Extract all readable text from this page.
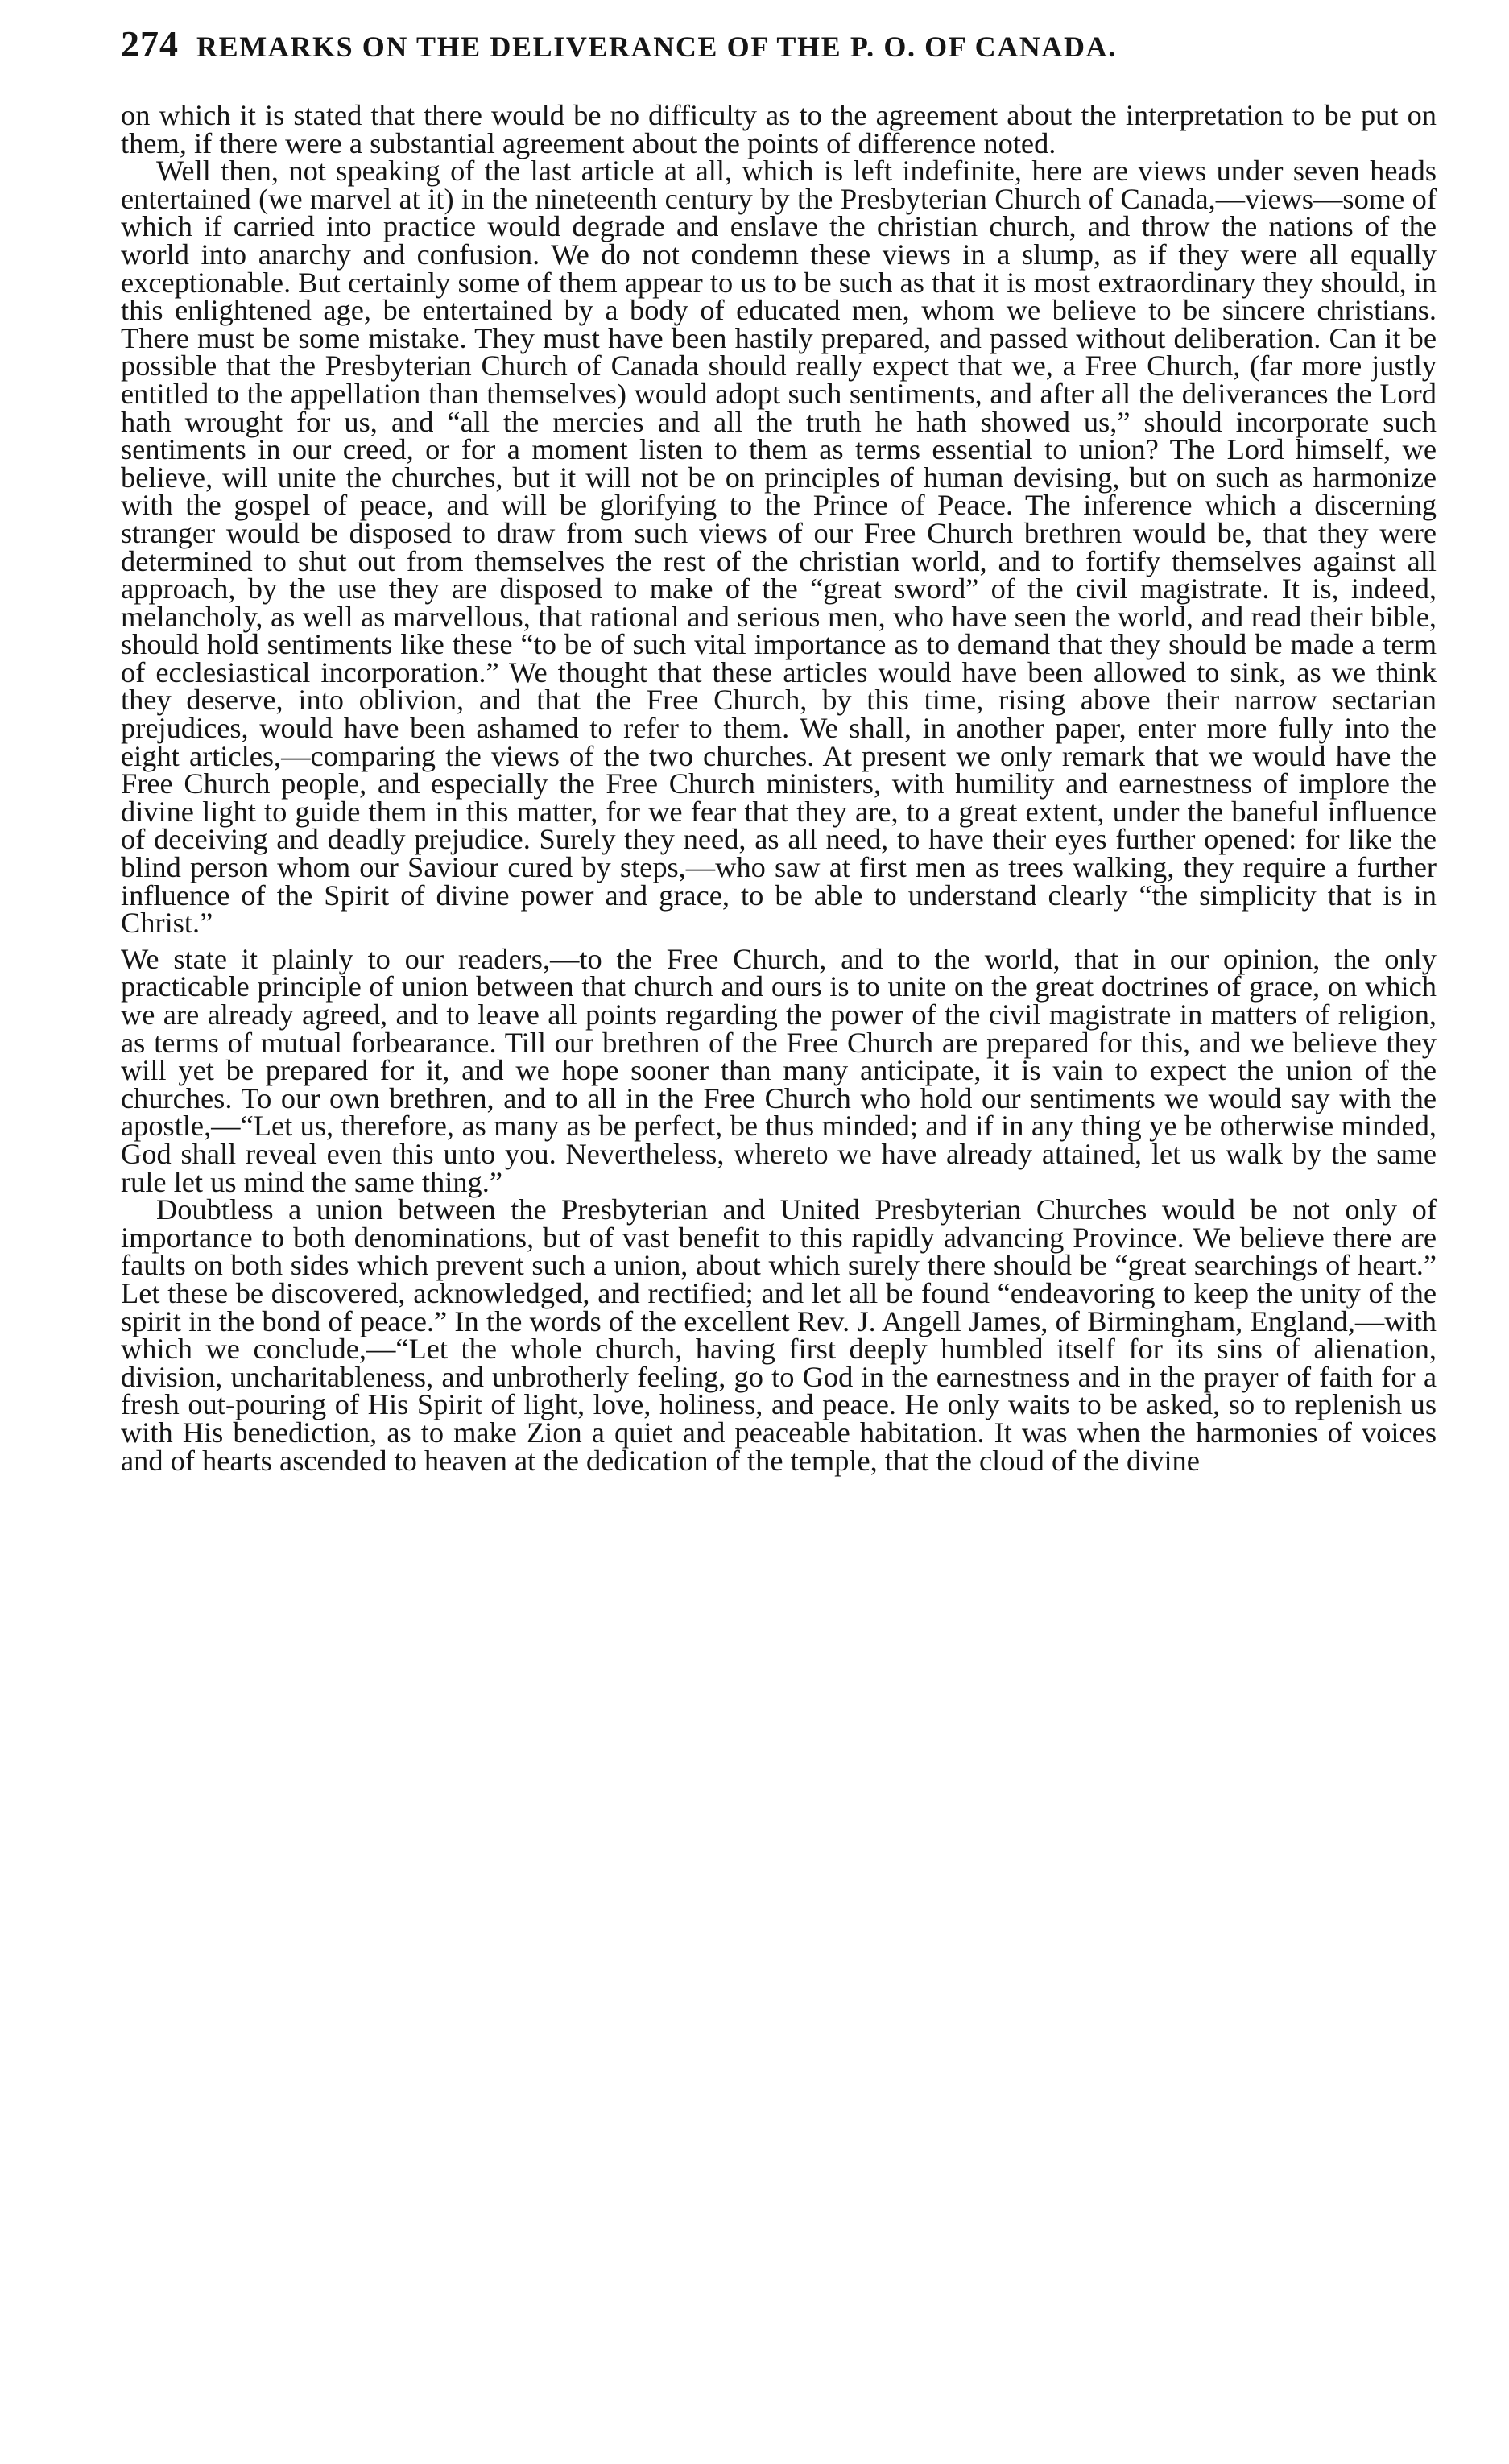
274 REMARKS ON THE DELIVERANCE OF THE P. O. OF CANADA.

on which it is stated that there would be no difficulty as to the agreement about the interpretation to be put on them, if there were a substantial agreement about the points of difference noted.

Well then, not speaking of the last article at all, which is left indefinite, here are views under seven heads entertained (we marvel at it) in the nineteenth century by the Presbyterian Church of Canada,—views—some of which if carried into practice would degrade and enslave the christian church, and throw the nations of the world into anarchy and confusion. We do not condemn these views in a slump, as if they were all equally exceptionable. But certainly some of them appear to us to be such as that it is most extraordinary they should, in this enlightened age, be entertained by a body of educated men, whom we believe to be sincere christians. There must be some mistake. They must have been hastily prepared, and passed without deliberation. Can it be possible that the Presbyterian Church of Canada should really expect that we, a Free Church, (far more justly entitled to the appellation than themselves) would adopt such sentiments, and after all the deliverances the Lord hath wrought for us, and “all the mercies and all the truth he hath showed us,” should incorporate such sentiments in our creed, or for a moment listen to them as terms essential to union? The Lord himself, we believe, will unite the churches, but it will not be on principles of human devising, but on such as harmonize with the gospel of peace, and will be glorifying to the Prince of Peace. The inference which a discerning stranger would be disposed to draw from such views of our Free Church brethren would be, that they were determined to shut out from themselves the rest of the christian world, and to fortify themselves against all approach, by the use they are disposed to make of the “great sword” of the civil magistrate. It is, indeed, melancholy, as well as marvellous, that rational and serious men, who have seen the world, and read their bible, should hold sentiments like these “to be of such vital importance as to demand that they should be made a term of ecclesiastical incorporation.” We thought that these articles would have been allowed to sink, as we think they deserve, into oblivion, and that the Free Church, by this time, rising above their narrow sectarian prejudices, would have been ashamed to refer to them. We shall, in another paper, enter more fully into the eight articles,—comparing the views of the two churches. At present we only remark that we would have the Free Church people, and especially the Free Church ministers, with humility and earnestness of implore the divine light to guide them in this matter, for we fear that they are, to a great extent, under the baneful influence of deceiving and deadly prejudice. Surely they need, as all need, to have their eyes further opened: for like the blind person whom our Saviour cured by steps,—who saw at first men as trees walking, they require a further influence of the Spirit of divine power and grace, to be able to understand clearly “the simplicity that is in Christ.”

We state it plainly to our readers,—to the Free Church, and to the world, that in our opinion, the only practicable principle of union between that church and ours is to unite on the great doctrines of grace, on which we are already agreed, and to leave all points regarding the power of the civil magistrate in matters of religion, as terms of mutual forbearance. Till our brethren of the Free Church are prepared for this, and we believe they will yet be prepared for it, and we hope sooner than many anticipate, it is vain to expect the union of the churches. To our own brethren, and to all in the Free Church who hold our sentiments we would say with the apostle,—“Let us, therefore, as many as be perfect, be thus minded; and if in any thing ye be otherwise minded, God shall reveal even this unto you. Nevertheless, whereto we have already attained, let us walk by the same rule let us mind the same thing.”

Doubtless a union between the Presbyterian and United Presbyterian Churches would be not only of importance to both denominations, but of vast benefit to this rapidly advancing Province. We believe there are faults on both sides which prevent such a union, about which surely there should be “great searchings of heart.” Let these be discovered, acknowledged, and rectified; and let all be found “endeavoring to keep the unity of the spirit in the bond of peace.” In the words of the excellent Rev. J. Angell James, of Birmingham, England,—with which we conclude,—“Let the whole church, having first deeply humbled itself for its sins of alienation, division, uncharitableness, and unbrotherly feeling, go to God in the earnestness and in the prayer of faith for a fresh out-pouring of His Spirit of light, love, holiness, and peace. He only waits to be asked, so to replenish us with His benediction, as to make Zion a quiet and peaceable habitation. It was when the harmonies of voices and of hearts ascended to heaven at the dedication of the temple, that the cloud of the divine
